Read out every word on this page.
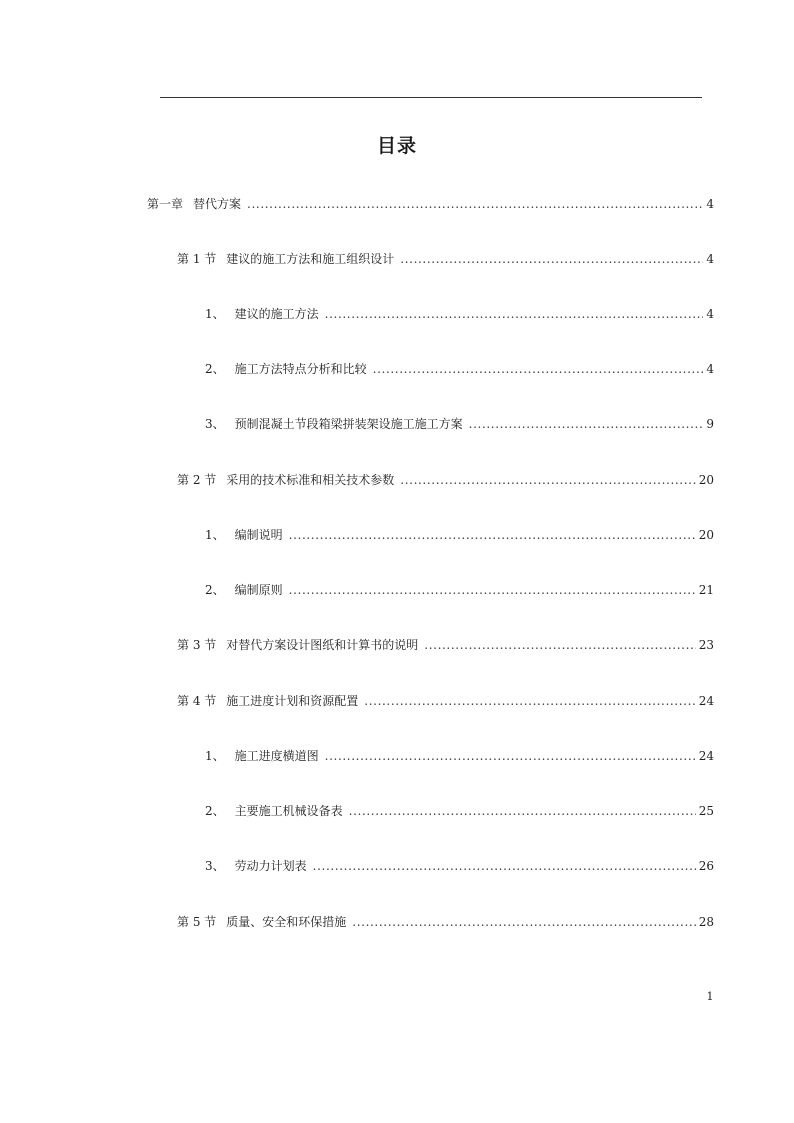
目录
第一章 替代方案 . . .	4
第 1 节 建议的施工方法和施工组织设计 . . .	4
1、 建议的施工方法 . . .	4
2、 施工方法特点分析和比较 . . .	4
3、 预制混凝土节段箱梁拼装架设施工施工方案 . . .	9
第 2 节 采用的技术标准和相关技术参数 . . .	20
1、 编制说明 . . .	20
2、 编制原则 . . .	21
第 3 节 对替代方案设计图纸和计算书的说明 . . .	23
第 4 节 施工进度计划和资源配置 . . .	24
1、 施工进度横道图 . . .	24
2、 主要施工机械设备表 . . .	25
3、 劳动力计划表 . . .	26
第 5 节 质量、安全和环保措施 . . .	28
1
